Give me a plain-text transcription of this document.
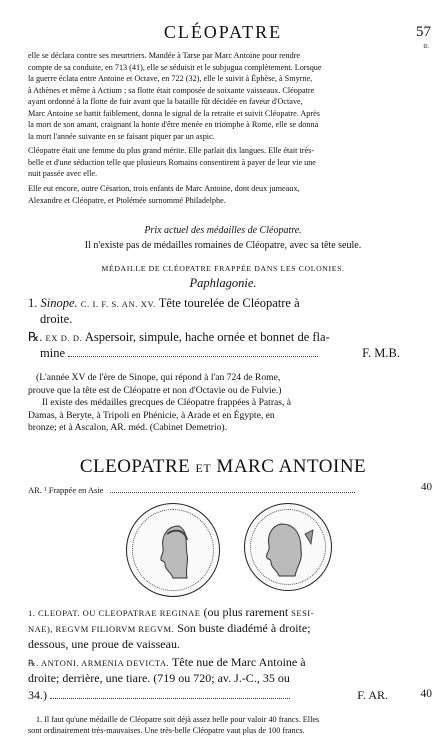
CLÉOPATRE	57
tr.
elle se déclara contre ses meurtriers. Mandée à Tarse par Marc Antoine pour rendre
compte de sa conduite, en 713 (41), elle se séduisit et le subjugua complètement. Lorsque
la guerre éclata entre Antoine et Octave, en 722 (32), elle le suivit à Éphèse, à Smyrne,
à Athènes et même à Actium ; sa flotte était composée de soixante vaisseaux. Cléopatre
ayant ordonné à la flotte de fuir avant que la bataille fût décidée en faveur d'Octave,
Marc Antoine se battit faiblement, donna le signal de la retraite et suivit Cléopatre. Après
la mort de son amant, craignant la honte d'être menée en triomphe à Rome, elle se donna
la mort l'année suivante en se faisant piquer par un aspic.
Cléopatre était une femme du plus grand mérite. Elle parlait dix langues. Elle était très-
belle et d'une séduction telle que plusieurs Romains consentirent à payer de leur vie une
nuit passée avec elle.
Elle eut encore, outre Césarion, trois enfants de Marc Antoine, dont deux jumeaux,
Alexandre et Cléopatre, et Ptolémée surnommé Philadelphe.
Prix actuel des médailles de Cléopatre.
Il n'existe pas de médailles romaines de Cléopatre, avec sa tête seule.
MÉDAILLE DE CLÉOPATRE FRAPPÉE DANS LES COLONIES.
Paphlagonie.
1. Sinope. C. I. F. S. AN. XV. Tête tourelée de Cléopatre à
droite.
℞. EX D. D. Aspersoir, simpule, hache ornée et bonnet de fla-
mine	F. M.B.
(L'année XV de l'ère de Sinope, qui répond à l'an 724 de Rome,
prouve que la tête est de Cléopatre et non d'Octavie ou de Fulvie.)
Il existe des médailles grecques de Cléopatre frappées à Patras, à
Damas, à Beryte, à Tripoli en Phénicie, à Arade et en Égypte, en
bronze; et à Ascalon, AR. méd. (Cabinet Demetrio).
CLEOPATRE ET MARC ANTOINE
AR. ¹ Frappée en Asie	40
1. CLEOPAT. OU CLEOPATRAE REGINAE (ou plus rarement SESI-
NAE), REGVM FILIORVM REGVM. Son buste diadémé à droite;
dessous, une proue de vaisseau.
℞. ANTONI. ARMENIA DEVICTA. Tête nue de Marc Antoine à
droite; derrière, une tiare. (719 ou 720; av. J.-C., 35 ou
34.)	F. AR.	40
1. Il faut qu'une médaille de Cléopatre soit déjà assez belle pour valoir 40 francs. Elles
sont ordinairement très-mauvaises. Une très-belle Cléopatre vaut plus de 100 francs.
